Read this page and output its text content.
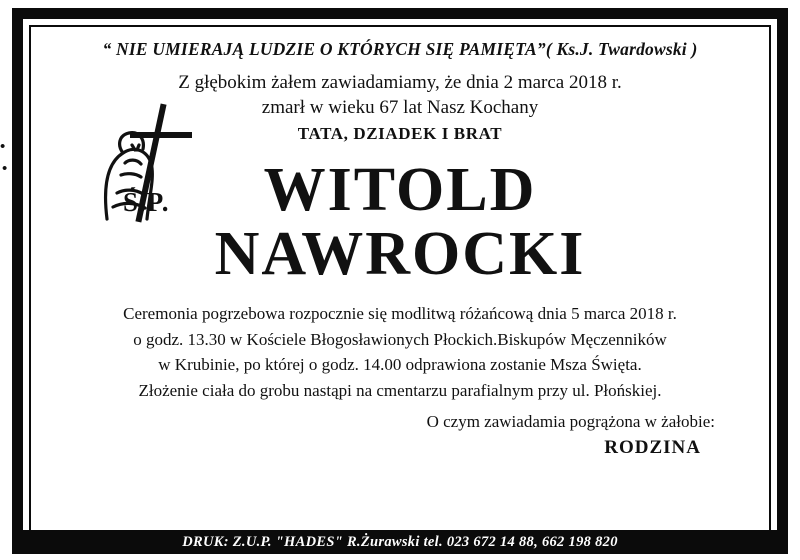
•
•
“ NIE UMIERAJĄ LUDZIE O KTÓRYCH SIĘ PAMIĘTA”( Ks.J. Twardowski )
Z głębokim żałem zawiadamiamy, że dnia 2 marca 2018 r.
zmarł w wieku 67 lat Nasz Kochany
TATA, DZIADEK I BRAT
WITOLD
NAWROCKI
Ceremonia pogrzebowa rozpocznie się modlitwą różańcową dnia 5 marca 2018 r.
o godz. 13.30 w Kościele Błogosławionych Płockich.Biskupów Męczenników
w Krubinie, po której o godz. 14.00 odprawiona zostanie Msza Święta.
Złożenie ciała do grobu nastąpi na cmentarzu parafialnym przy ul. Płońskiej.
O czym zawiadamia pogrążona w żałobie:
RODZINA
Ś.P.
DRUK: Z.U.P. "HADES" R.Żurawski tel. 023 672 14 88, 662 198 820
